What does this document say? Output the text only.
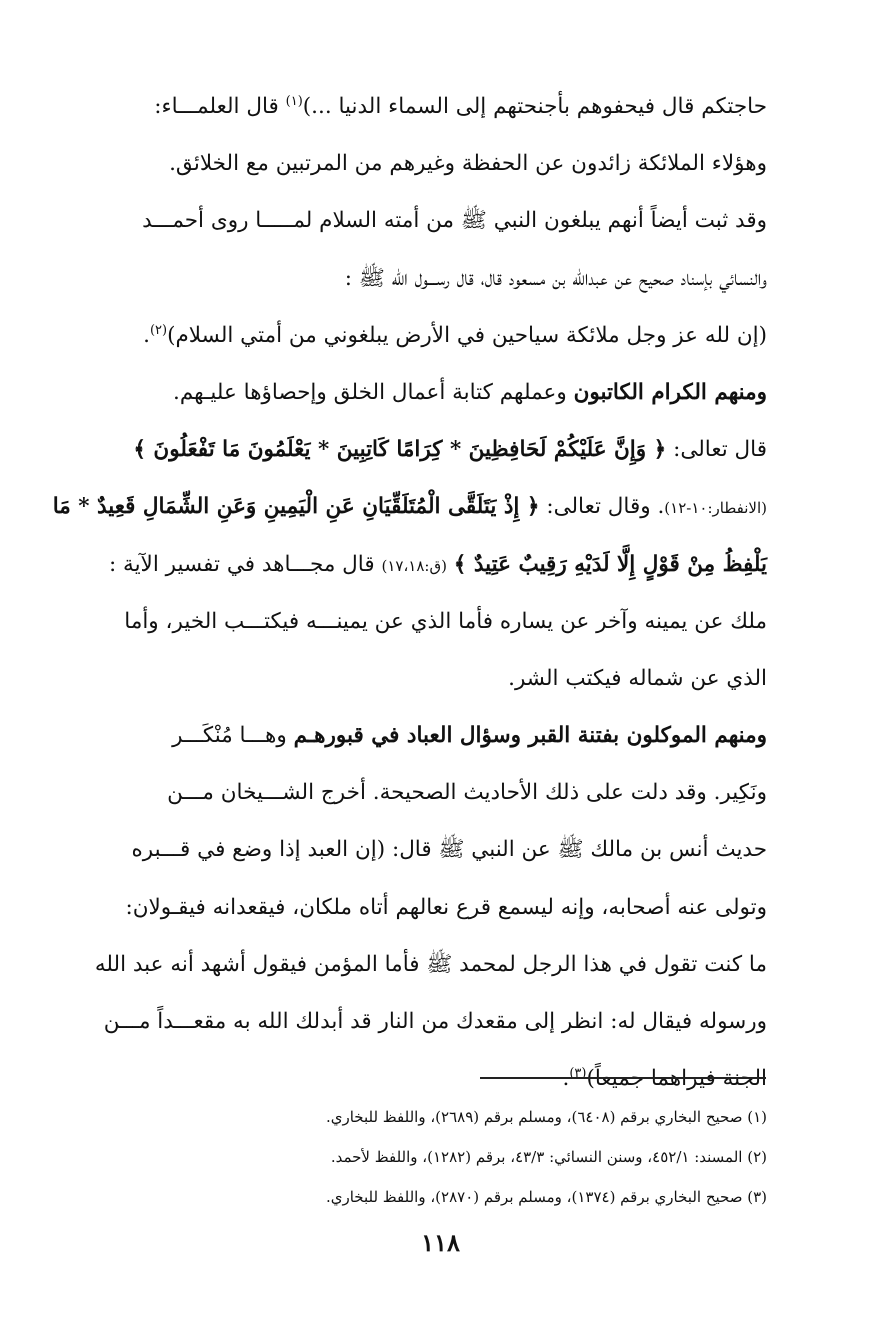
حاجتكم قال فيحفوهم بأجنحتهم إلى السماء الدنيا ...)$^{(١)}$ قال العلمـــاء:
وهؤلاء الملائكة زائدون عن الحفظة وغيرهم من المرتبين مع الخلائق.
وقد ثبت أيضاً أنهم يبلغون النبي ﷺ من أمته السلام لمـــــا روى أحمـــد
والنسائي بإسناد صحيح عن عبدالله بن مسعود قال، قال رســـول الله ﷺ :
(إن لله عز وجل ملائكة سياحين في الأرض يبلغوني من أمتي السلام)$^{(٢)}$.
ومنهم الكرام الكاتبون وعملهم كتابة أعمال الخلق وإحصاؤها عليـهم.
قال تعالى: ﴿ وَإِنَّ عَلَيْكُمْ لَحَافِظِينَ * كِرَامًا كَاتِبِينَ * يَعْلَمُونَ مَا تَفْعَلُونَ ﴾
(الانفطار:١٠-١٢). وقال تعالى: ﴿ إِذْ يَتَلَقَّى الْمُتَلَقِّيَانِ عَنِ الْيَمِينِ وَعَنِ الشِّمَالِ قَعِيدٌ * مَا
يَلْفِظُ مِنْ قَوْلٍ إِلَّا لَدَيْهِ رَقِيبٌ عَتِيدٌ ﴾ (ق:١٧،١٨) قال مجـــاهد في تفسير الآية :
ملك عن يمينه وآخر عن يساره فأما الذي عن يمينـــه فيكتـــب الخير، وأما
الذي عن شماله فيكتب الشر.
ومنهم الموكلون بفتنة القبر وسؤال العباد في قبورهـم وهـــا مُنْكَـــر
ونَكِير. وقد دلت على ذلك الأحاديث الصحيحة. أخرج الشـــيخان مـــن
حديث أنس بن مالك ﷺ عن النبي ﷺ قال: (إن العبد إذا وضع في قـــبره
وتولى عنه أصحابه، وإنه ليسمع قرع نعالهم أتاه ملكان، فيقعدانه فيقـولان:
ما كنت تقول في هذا الرجل لمحمد ﷺ فأما المؤمن فيقول أشهد أنه عبد الله
ورسوله فيقال له: انظر إلى مقعدك من النار قد أبدلك الله به مقعـــداً مـــن
الجنة فيراهما جميعاً)$^{(٣)}$.
(١) صحيح البخاري برقم (٦٤٠٨)، ومسلم برقم (٢٦٨٩)، واللفظ للبخاري.
(٢) المسند: ٤٥٢/١، وسنن النسائي: ٤٣/٣، برقم (١٢٨٢)، واللفظ لأحمد.
(٣) صحيح البخاري برقم (١٣٧٤)، ومسلم برقم (٢٨٧٠)، واللفظ للبخاري.
١١٨
